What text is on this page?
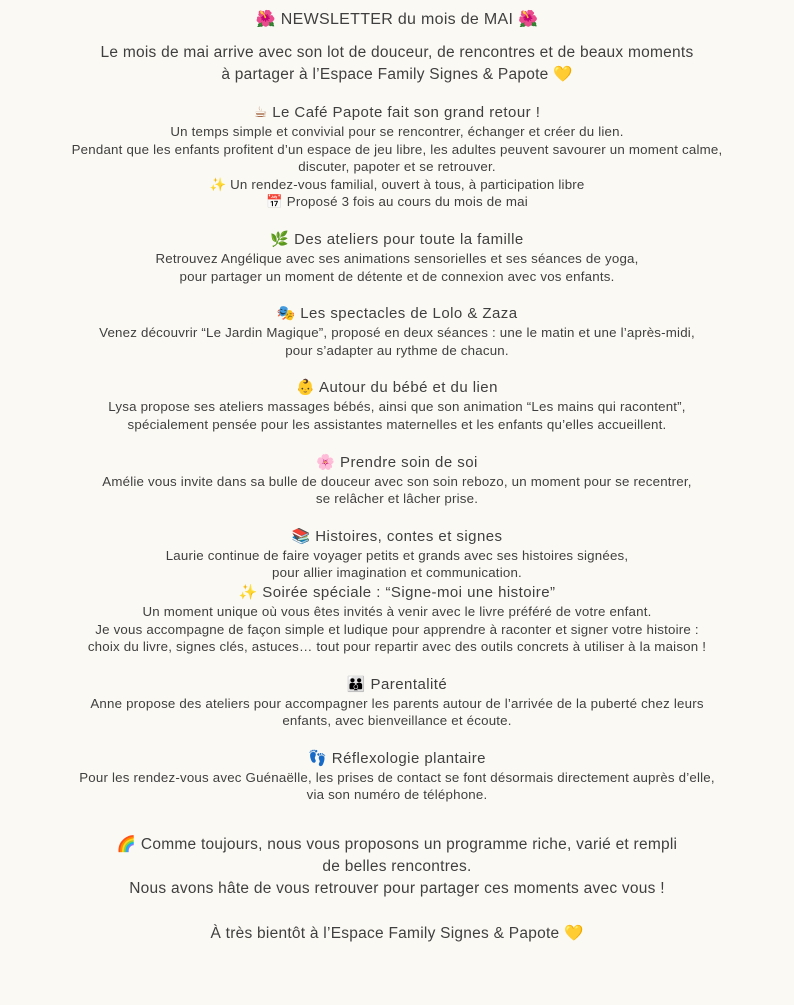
🌺 NEWSLETTER du mois de MAI 🌺
Le mois de mai arrive avec son lot de douceur, de rencontres et de beaux moments
à partager à l’Espace Family Signes & Papote 💛
☕ Le Café Papote fait son grand retour !
Un temps simple et convivial pour se rencontrer, échanger et créer du lien.
Pendant que les enfants profitent d’un espace de jeu libre, les adultes peuvent savourer un moment calme,
discuter, papoter et se retrouver.
✨ Un rendez-vous familial, ouvert à tous, à participation libre
📅 Proposé 3 fois au cours du mois de mai
🌿 Des ateliers pour toute la famille
Retrouvez Angélique avec ses animations sensorielles et ses séances de yoga,
pour partager un moment de détente et de connexion avec vos enfants.
🎭 Les spectacles de Lolo & Zaza
Venez découvrir “Le Jardin Magique”, proposé en deux séances : une le matin et une l’après-midi,
pour s’adapter au rythme de chacun.
👶 Autour du bébé et du lien
Lysa propose ses ateliers massages bébés, ainsi que son animation “Les mains qui racontent”,
spécialement pensée pour les assistantes maternelles et les enfants qu’elles accueillent.
🌸 Prendre soin de soi
Amélie vous invite dans sa bulle de douceur avec son soin rebozo, un moment pour se recentrer,
se relâcher et lâcher prise.
📚 Histoires, contes et signes
Laurie continue de faire voyager petits et grands avec ses histoires signées,
pour allier imagination et communication.
✨ Soirée spéciale : “Signe-moi une histoire”
Un moment unique où vous êtes invités à venir avec le livre préféré de votre enfant.
Je vous accompagne de façon simple et ludique pour apprendre à raconter et signer votre histoire :
choix du livre, signes clés, astuces… tout pour repartir avec des outils concrets à utiliser à la maison !
👪 Parentalité
Anne propose des ateliers pour accompagner les parents autour de l’arrivée de la puberté chez leurs
enfants, avec bienveillance et écoute.
👣 Réflexologie plantaire
Pour les rendez-vous avec Guénaëlle, les prises de contact se font désormais directement auprès d’elle,
via son numéro de téléphone.
🌈 Comme toujours, nous vous proposons un programme riche, varié et rempli
de belles rencontres.
Nous avons hâte de vous retrouver pour partager ces moments avec vous !
À très bientôt à l’Espace Family Signes & Papote 💛
